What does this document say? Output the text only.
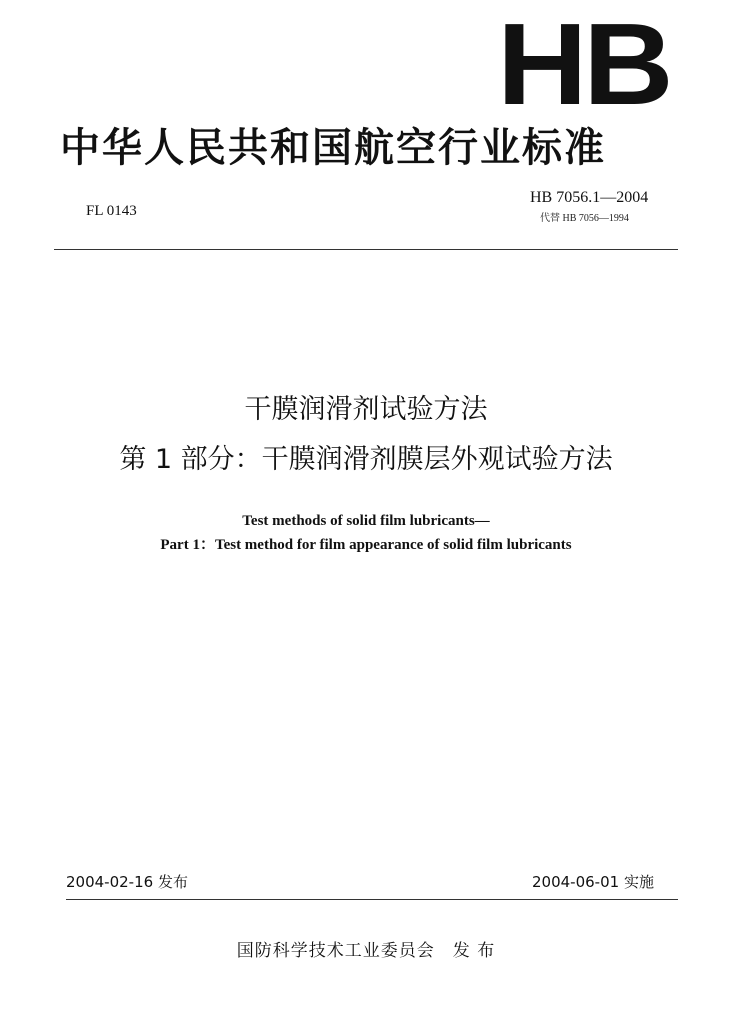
HB
中华人民共和国航空行业标准
FL 0143
HB 7056.1—2004
代替 HB 7056—1994
干膜润滑剂试验方法
第 1 部分：干膜润滑剂膜层外观试验方法
Test methods of solid film lubricants—
Part 1：Test method for film appearance of solid film lubricants
2004-02-16 发布	2004-06-01 实施
国防科学技术工业委员会　发 布
